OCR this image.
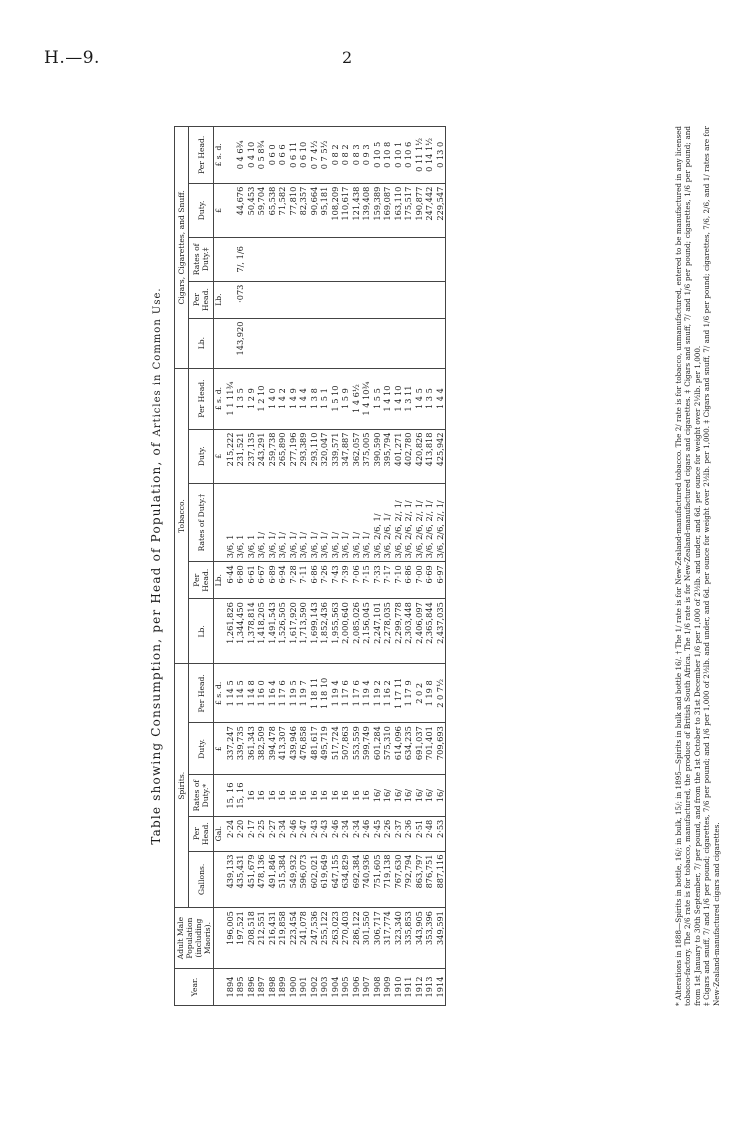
H.—9.	2
Table showing Consumption, per Head of Population, of Articles in Common Use.
Year.	Adult Male Population (including Maoris).	Spirits.					Tobacco.					Cigars, Cigarettes, and Snuff.				
		Gallons.	Per Head.	Rates of Duty.*	Duty.	Per Head.	Lb.	Per Head.	Rates of Duty.†	Duty.	Per Head.	Lb.	Per Head.	Rates of Duty.‡	Duty.	Per Head.
			Gal.		£	£ s. d.		Lb.		£	£ s. d.		Lb.		£	£ s. d.
1894	196,005	439,133	2·24	15, 16	337,247	1 14 5	1,261,826	6·44	3/6, 1	215,222	1 1 11¾					
1895	197,521	435,431	2·20	15, 16	339,735	1 14 5	1,344,450	6·80	3/6, 1	231,521	1 3 5	143,920	·073	7/, 1/6	44,676	0 4 6¾
1896	208,518	451,679	2·17	16	361,343	1 14 8	1,378,814	6·61	3/6, 1	237,135	1 2 9				50,453	0 4 10
1897	212,551	478,136	2·25	16	382,509	1 16 0	1,418,205	6·67	3/6, 1/	243,291	1 2 10				59,704	0 5 8¾
1898	216,431	491,846	2·27	16	394,478	1 16 4	1,491,543	6·89	3/6, 1/	259,738	1 4 0				65,538	0 6 0
1899	219,858	515,384	2·34	16	413,307	1 17 6	1,526,505	6·94	3/6, 1/	265,890	1 4 2				71,582	0 6 6
1900	223,454	549,932	2·46	16	439,946	1 19 5	1,617,920	7·28	3/6, 1/	277,196	1 4 9				77,810	0 6 11
1901	241,078	596,073	2·47	16	476,858	1 19 7	1,713,590	7·11	3/6, 1/	293,389	1 4 4				82,357	0 6 10
1902	247,536	602,021	2·43	16	481,617	1 18 11	1,699,143	6·86	3/6, 1/	293,110	1 3 8				90,664	0 7 4½
1903	255,122	619,649	2·43	16	495,719	1 18 10	1,852,436	7·26	3/6, 1/	320,047	1 5 1				95,181	0 7 5½
1904	263,023	647,155	2·46	16	517,724	1 19 4	1,955,563	7·43	3/6, 1/	339,571	1 5 10				108,209	0 8 2
1905	270,403	634,829	2·34	16	507,863	1 17 6	2,000,640	7·39	3/6, 1/	347,887	1 5 9				110,617	0 8 2
1906	286,122	692,384	2·34	16	553,559	1 17 6	2,085,026	7·06	3/6, 1/	362,057	1 4 6½				121,438	0 8 3
1907	301,550	740,936	2·46	16	599,749	1 19 4	2,156,045	7·15	3/6, 1/	375,005	1 4 10¾				139,408	0 9 3
1908	306,717	751,605	2·45	16/	601,284	1 19 2	2,247,101	7·33	3/6, 2/6, 1/	390,590	1 5 5				159,389	0 10 5
1909	317,774	719,138	2·26	16/	575,310	1 16 2	2,278,035	7·17	3/6, 2/6, 1/	395,794	1 4 10				169,087	0 10 8
1910	323,340	767,630	2·37	16/	614,096	1 17 11	2,299,778	7·10	3/6, 2/6, 2/, 1/	401,271	1 4 10				163,110	0 10 1
1911	335,853	792,794	2·36	16/	634,235	1 17 9	2,303,448	6·86	3/6, 2/6, 2/, 1/	402,780	1 3 11				175,517	0 10 6
1912	343,905	863,797	2·51	16/	691,037	2 0 2	2,406,097	7·00	3/6, 2/6, 2/, 1/	420,826	1 4 5				190,877	0 11 1½
1913	353,396	876,751	2·48	16/	701,401	1 19 8	2,365,844	6·69	3/6, 2/6, 2/, 1/	413,818	1 3 5				247,442	0 14 1½
1914	349,591	887,116	2·53	16/	709,693	2 0 7½	2,437,035	6·97	3/6, 2/6, 2/, 1/	425,942	1 4 4				229,547	0 13 0	* Alterations in 1888—Spirits in bottle, 16/; in bulk, 15/; in 1895—Spirits in bulk and bottle 16/. † The 1/ rate is for New-Zealand-manufactured tobacco. The 2/ rate is for tobacco, unmanufactured, entered to be manufactured in any licensed tobacco-factory. The 2/6 rate is for tobacco, manufactured, the produce of British South Africa. The 1/6 rate is for New-Zealand-manufactured cigars and cigarettes. ‡ Cigars and snuff, 7/ and 1/6 per pound; cigarettes, 1/6 per pound; and from 1st January to 30th September, 7/ per pound, and from the 1st October to 31st December 1/6 per 1,000 of 2½lb. and under, and 6d. per ounce for weight over 2½lb. per 1,000. ‡ Cigars and snuff, 7/ and 1/6 per pound; cigarettes, 7/6 per pound; and 1/6 per 1,000 of 2½lb. and under, and 6d. per ounce for weight over 2½lb. per 1,000. ‡ Cigars and snuff, 7/ and 1/6 per pound; cigarettes, 7/6, 2/6, and 1/ rates are for New-Zealand-manufactured cigars and cigarettes.
